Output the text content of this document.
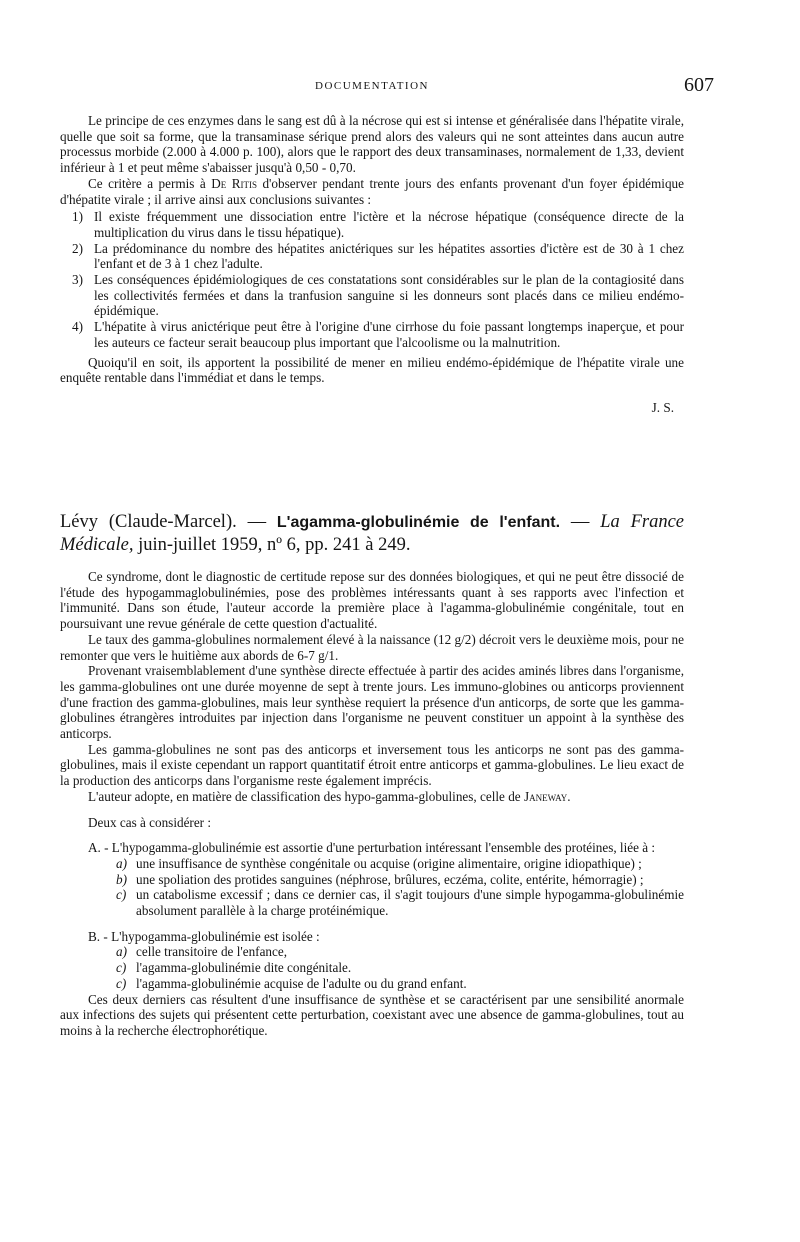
DOCUMENTATION	607

Le principe de ces enzymes dans le sang est dû à la nécrose qui est si intense et généralisée dans l'hépatite virale, quelle que soit sa forme, que la transaminase sérique prend alors des valeurs qui ne sont atteintes dans aucun autre processus morbide (2.000 à 4.000 p. 100), alors que le rapport des deux transaminases, normalement de 1,33, devient inférieur à 1 et peut même s'abaisser jusqu'à 0,50 - 0,70.

Ce critère a permis à De Ritis d'observer pendant trente jours des enfants provenant d'un foyer épidémique d'hépatite virale ; il arrive ainsi aux conclusions suivantes :

1) Il existe fréquemment une dissociation entre l'ictère et la nécrose hépatique (conséquence directe de la multiplication du virus dans le tissu hépatique).
2) La prédominance du nombre des hépatites anictériques sur les hépatites assorties d'ictère est de 30 à 1 chez l'enfant et de 3 à 1 chez l'adulte.
3) Les conséquences épidémiologiques de ces constatations sont considérables sur le plan de la contagiosité dans les collectivités fermées et dans la tranfusion sanguine si les donneurs sont placés dans ce milieu endémo-épidémique.
4) L'hépatite à virus anictérique peut être à l'origine d'une cirrhose du foie passant longtemps inaperçue, et pour les auteurs ce facteur serait beaucoup plus important que l'alcoolisme ou la malnutrition.

Quoiqu'il en soit, ils apportent la possibilité de mener en milieu endémo-épidémique de l'hépatite virale une enquête rentable dans l'immédiat et dans le temps.

J. S.

Lévy (Claude-Marcel). — L'agamma-globulinémie de l'enfant. — La France Médicale, juin-juillet 1959, nº 6, pp. 241 à 249.

Ce syndrome, dont le diagnostic de certitude repose sur des données biologiques, et qui ne peut être dissocié de l'étude des hypogammaglobulinémies, pose des problèmes intéressants quant à ses rapports avec l'infection et l'immunité. Dans son étude, l'auteur accorde la première place à l'agamma-globulinémie congénitale, tout en poursuivant une revue générale de cette question d'actualité.

Le taux des gamma-globulines normalement élevé à la naissance (12 g/2) décroit vers le deuxième mois, pour ne remonter que vers le huitième aux abords de 6-7 g/1.

Provenant vraisemblablement d'une synthèse directe effectuée à partir des acides aminés libres dans l'organisme, les gamma-globulines ont une durée moyenne de sept à trente jours. Les immuno-globines ou anticorps proviennent d'une fraction des gamma-globulines, mais leur synthèse requiert la présence d'un anticorps, de sorte que les gamma-globulines étrangères introduites par injection dans l'organisme ne peuvent constituer un appoint à la synthèse des anticorps.

Les gamma-globulines ne sont pas des anticorps et inversement tous les anticorps ne sont pas des gamma-globulines, mais il existe cependant un rapport quantitatif étroit entre anticorps et gamma-globulines. Le lieu exact de la production des anticorps dans l'organisme reste également imprécis.

L'auteur adopte, en matière de classification des hypo-gamma-globulines, celle de Janeway.

Deux cas à considérer :

A. - L'hypogamma-globulinémie est assortie d'une perturbation intéressant l'ensemble des protéines, liée à :

a) une insuffisance de synthèse congénitale ou acquise (origine alimentaire, origine idiopathique) ;
b) une spoliation des protides sanguines (néphrose, brûlures, eczéma, colite, entérite, hémorragie) ;
c) un catabolisme excessif ; dans ce dernier cas, il s'agit toujours d'une simple hypogamma-globulinémie absolument parallèle à la charge protéinémique.

B. - L'hypogamma-globulinémie est isolée :

a) celle transitoire de l'enfance,
c) l'agamma-globulinémie dite congénitale.
c) l'agamma-globulinémie acquise de l'adulte ou du grand enfant.

Ces deux derniers cas résultent d'une insuffisance de synthèse et se caractérisent par une sensibilité anormale aux infections des sujets qui présentent cette perturbation, coexistant avec une absence de gamma-globulines, tout au moins à la recherche électrophorétique.
